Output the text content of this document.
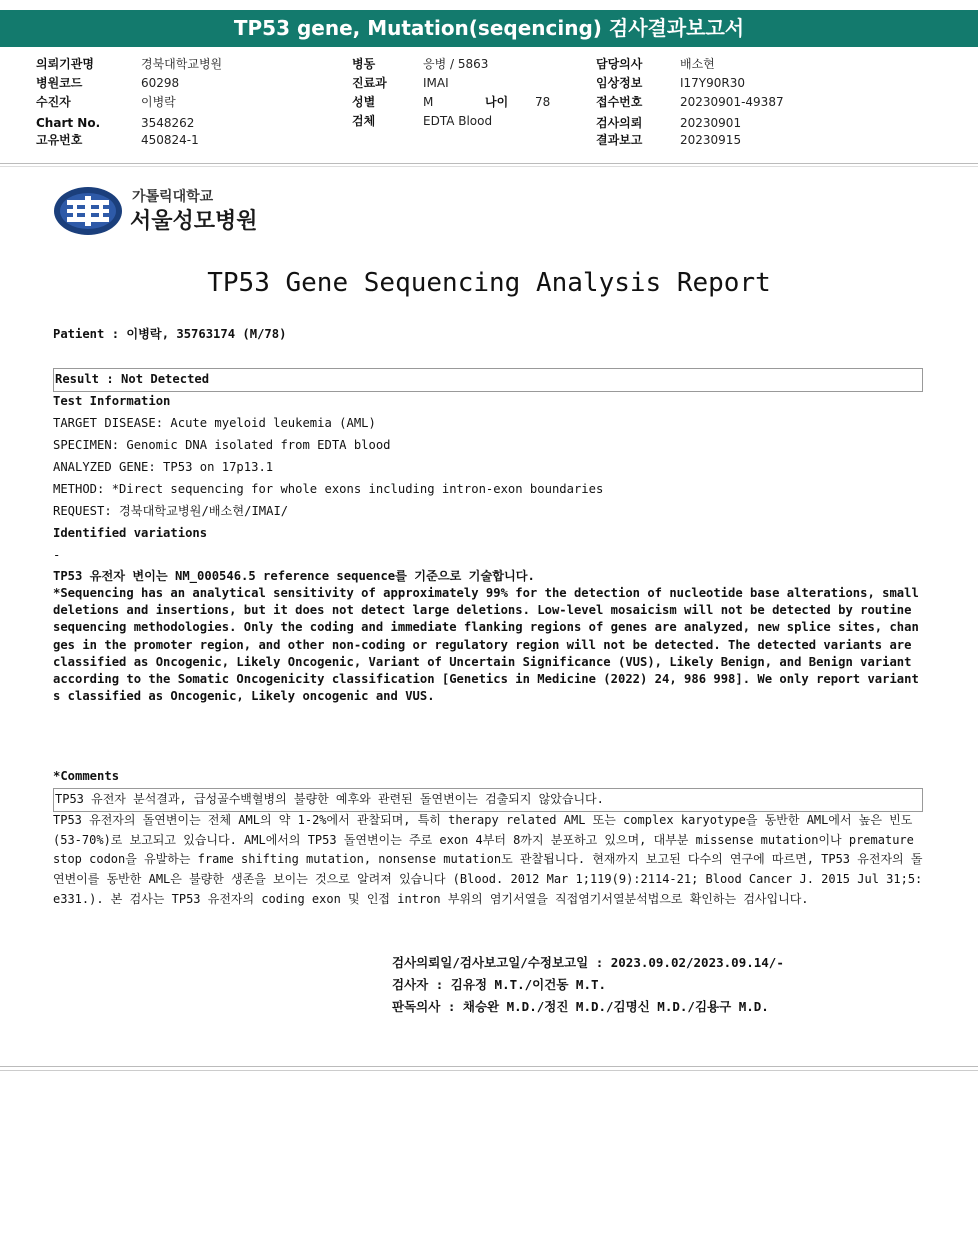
TP53 gene, Mutation(seqencing) 검사결과보고서
의뢰기관명	경북대학교병원
병원코드	60298
수진자	이병락
Chart No.	3548262
고유번호	450824-1
병동	응병 / 5863
진료과	IMAI
성별	M	나이 78
검체	EDTA Blood
담당의사	배소현
임상정보	I17Y90R30
접수번호	20230901-49387
검사의뢰	20230901
결과보고	20230915
가톨릭대학교
서울성모병원
TP53 Gene Sequencing Analysis Report
Patient : 이병락, 35763174 (M/78)
Result : Not Detected
Test Information
TARGET DISEASE: Acute myeloid leukemia (AML)
SPECIMEN: Genomic DNA isolated from EDTA blood
ANALYZED GENE: TP53 on 17p13.1
METHOD: *Direct sequencing for whole exons including intron-exon boundaries
REQUEST: 경북대학교병원/배소현/IMAI/
Identified variations
-
TP53 유전자 변이는 NM_000546.5 reference sequence를 기준으로 기술합니다.
*Sequencing has an analytical sensitivity of approximately 99% for the detection of nucleotide base alterations, small deletions and insertions, but it does not detect large deletions. Low-level mosaicism will not be detected by routine sequencing methodologies. Only the coding and immediate flanking regions of genes are analyzed, new splice sites, changes in the promoter region, and other non-coding or regulatory region will not be detected. The detected variants are classified as Oncogenic, Likely Oncogenic, Variant of Uncertain Significance (VUS), Likely Benign, and Benign variant according to the Somatic Oncogenicity classification [Genetics in Medicine (2022) 24, 986 998]. We only report variants classified as Oncogenic, Likely oncogenic and VUS.
*Comments
TP53 유전자 분석결과, 급성골수백혈병의 불량한 예후와 관련된 돌연변이는 검출되지 않았습니다.
TP53 유전자의 돌연변이는 전체 AML의 약 1-2%에서 관찰되며, 특히 therapy related AML 또는 complex karyotype을 동반한 AML에서 높은 빈도(53-70%)로 보고되고 있습니다. AML에서의 TP53 돌연변이는 주로 exon 4부터 8까지 분포하고 있으며, 대부분 missense mutation이나 premature stop codon을 유발하는 frame shifting mutation, nonsense mutation도 관찰됩니다. 현재까지 보고된 다수의 연구에 따르면, TP53 유전자의 돌연변이를 동반한 AML은 불량한 생존을 보이는 것으로 알려져 있습니다 (Blood. 2012 Mar 1;119(9):2114-21; Blood Cancer J. 2015 Jul 31;5:e331.). 본 검사는 TP53 유전자의 coding exon 및 인접 intron 부위의 염기서열을 직접염기서열분석법으로 확인하는 검사입니다.
검사의뢰일/검사보고일/수정보고일 : 2023.09.02/2023.09.14/-
검사자 : 김유정 M.T./이건동 M.T.
판독의사 : 채승완 M.D./정진 M.D./김명신 M.D./김용구 M.D.
